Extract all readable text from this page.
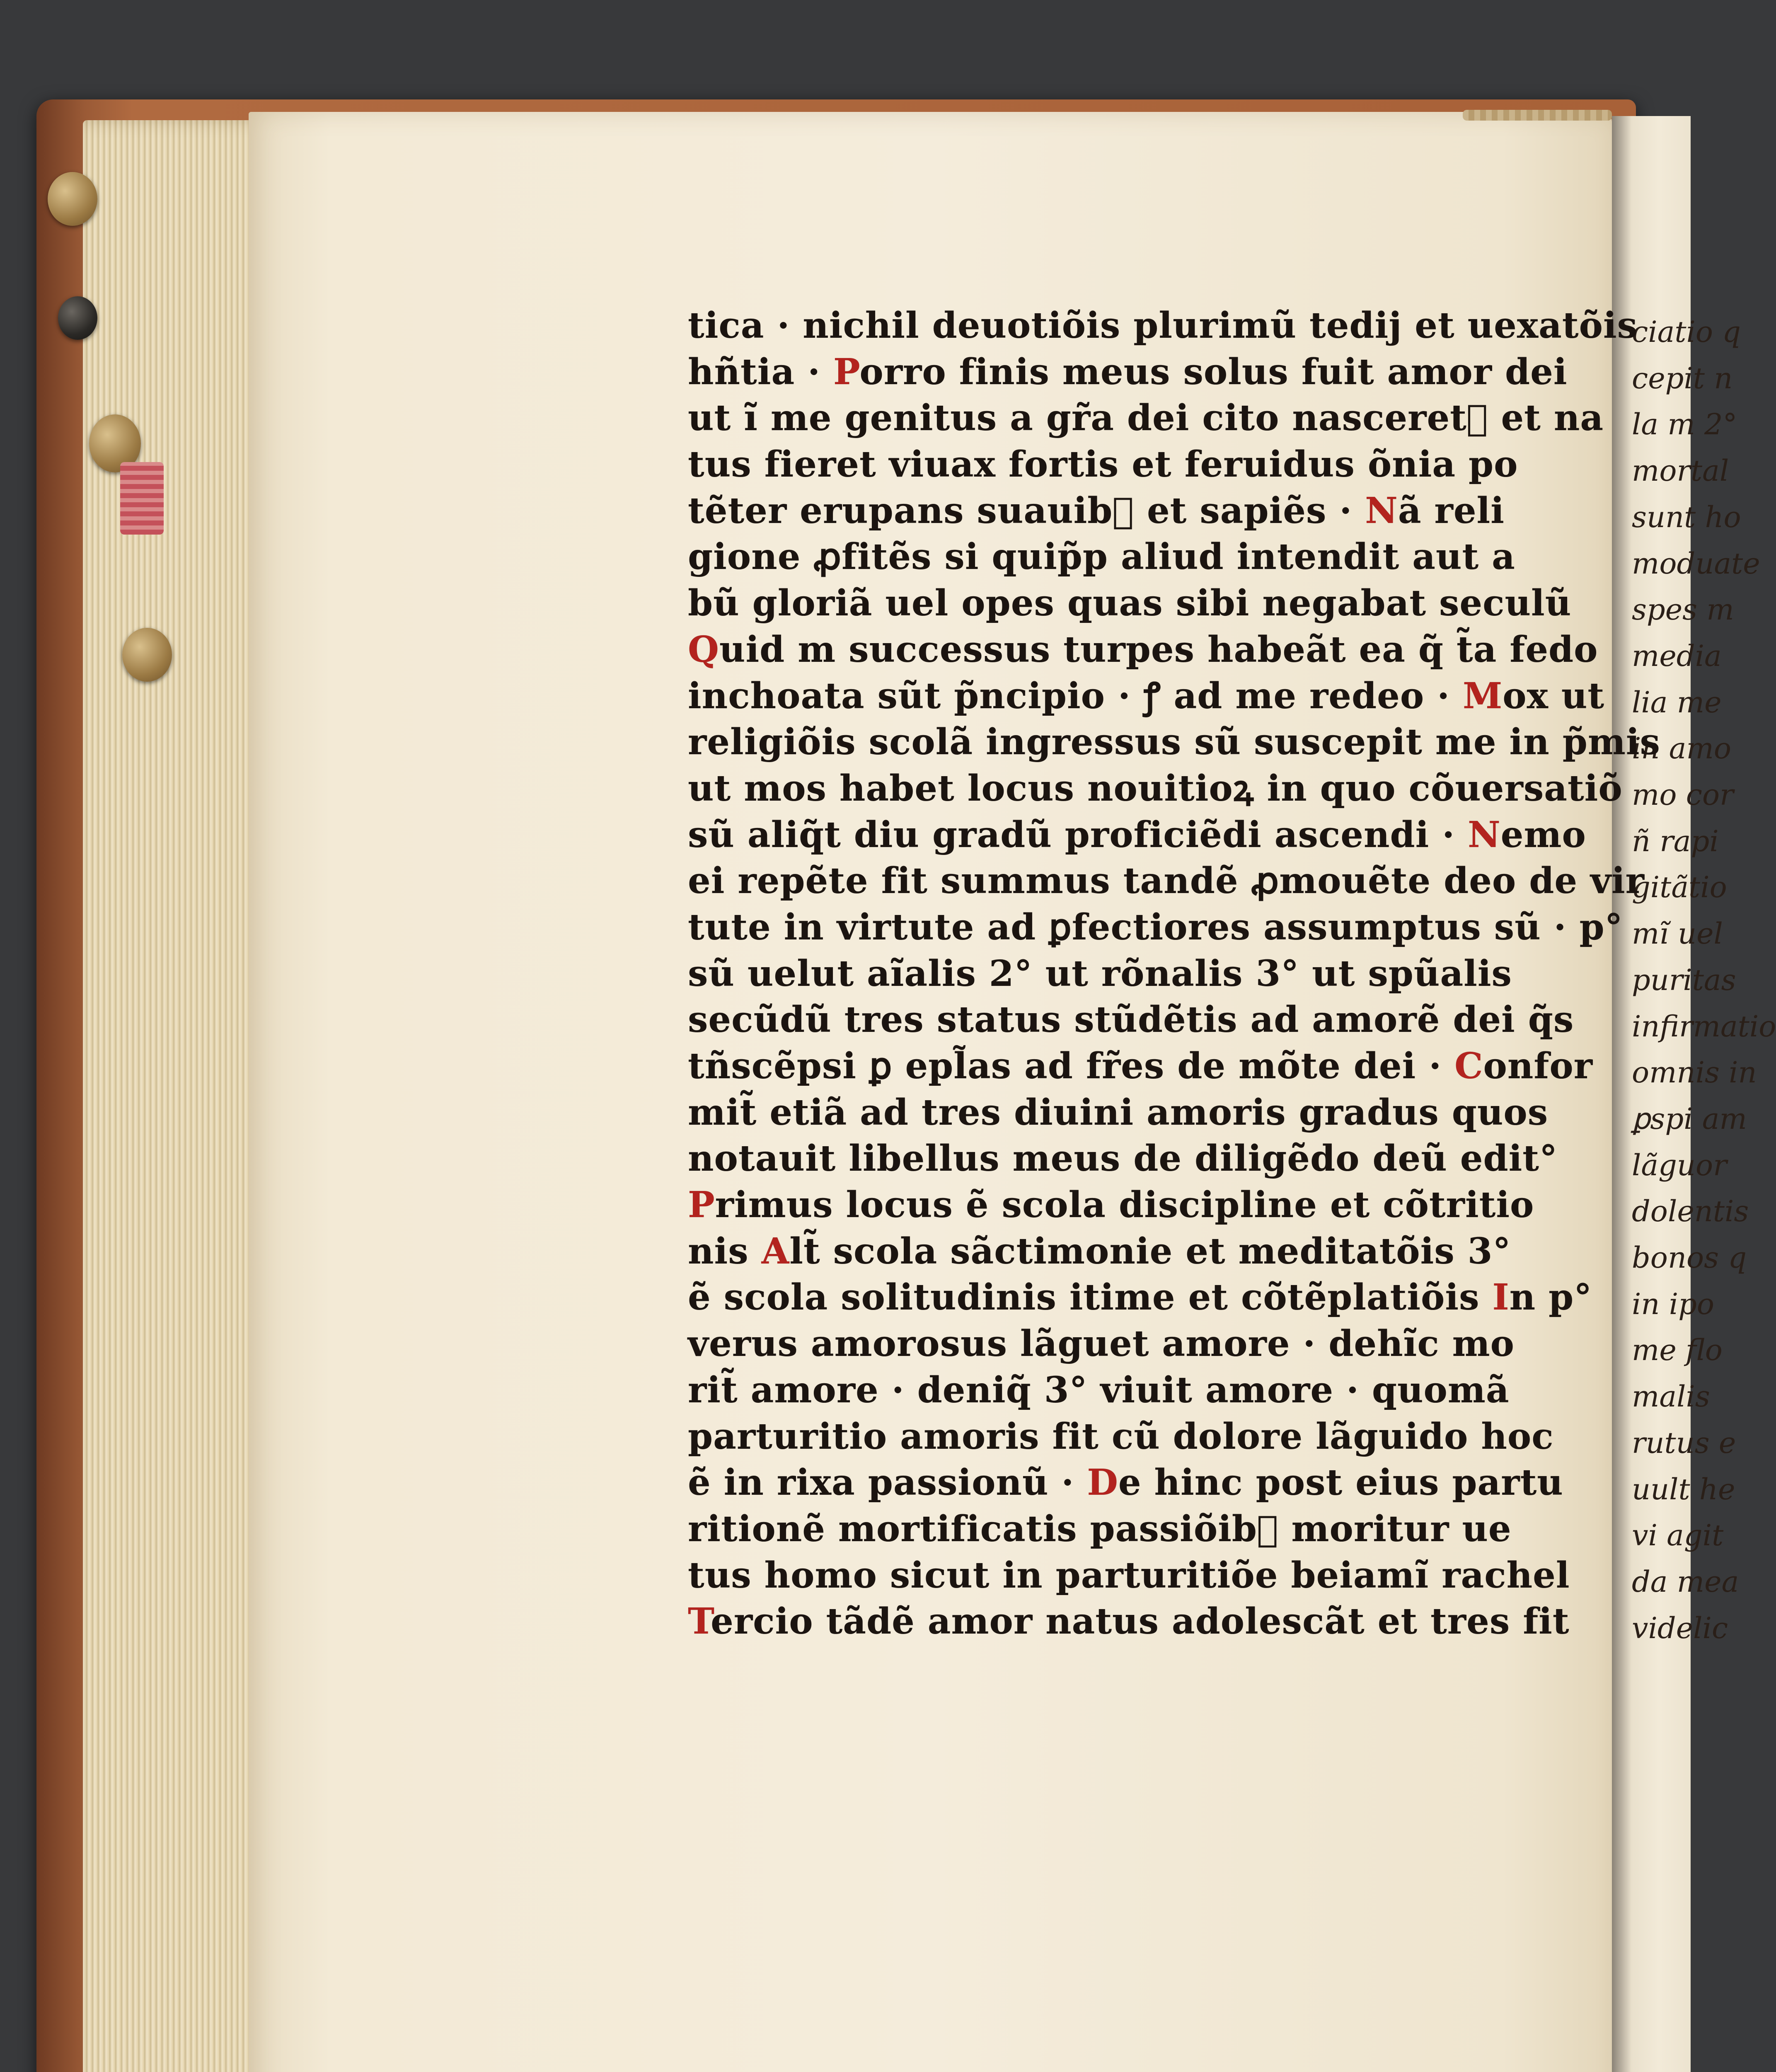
ciatio q
cepit n
la m 2°
mortal
sunt ho
moduate
spes m
media
lia me
in amo
mo cor
ñ rapi
gitãtio
mĩ uel
puritas
infirmatio
omnis in
ꝑspi am
lãguor
dolentis
bonos q
in ipo
me flo
malis
rutus e
uult he
vi agit
da mea
videlic
tica · nichil deuotiõis plurimũ tedij et uexatõis
hñtia · Porro finis meus solus fuit amor dei
ut ĩ me genitus a gr̃a dei cito nasceret᷑ et na
tus fieret viuax fortis et feruidus õnia po
tẽter erupans suauib᷑ et sapiẽs · Nã reli
gione ꝓfitẽs si quip̃p aliud intendit aut a
bũ gloriã uel opes quas sibi negabat seculũ
Quid m successus turpes habeãt ea q̃ t̃a fedo
inchoata sũt p̃ncipio · ꝭ ad me redeo · Mox ut
religiõis scolã ingressus sũ suscepit me in p̃mis
ut mos habet locus nouitioꝝ in quo cõuersatiõ
sũ aliq̃t diu gradũ proficiẽdi ascendi · Nemo
ei repẽte fit summus tandẽ ꝓmouẽte deo de vir
tute in virtute ad ꝑfectiores assumptus sũ · p°
sũ uelut aĩalis 2° ut rõnalis 3° ut spũalis
secũdũ tres status stũdẽtis ad amorẽ dei q̃s
tñscẽpsi ꝑ epl̃as ad fr̃es de mõte dei · Confor
mit̃ etiã ad tres diuini amoris gradus quos
notauit libellus meus de diligẽdo deũ edit°
Primus locus ẽ scola discipline et cõtritio
nis Alt̃ scola sãctimonie et meditatõis 3°
ẽ scola solitudinis itime et cõtẽplatiõis In p°
verus amorosus lãguet amore · dehĩc mo
rit̃ amore · deniq̃ 3° viuit amore · quomã
parturitio amoris fit cũ dolore lãguido hoc
ẽ in rixa passionũ · De hinc post eius partu
ritionẽ mortificatis passiõib᷒ moritur ue
tus homo sicut in parturitiõe beiamĩ rachel
Tercio tãdẽ amor natus adolescãt et tres fit
